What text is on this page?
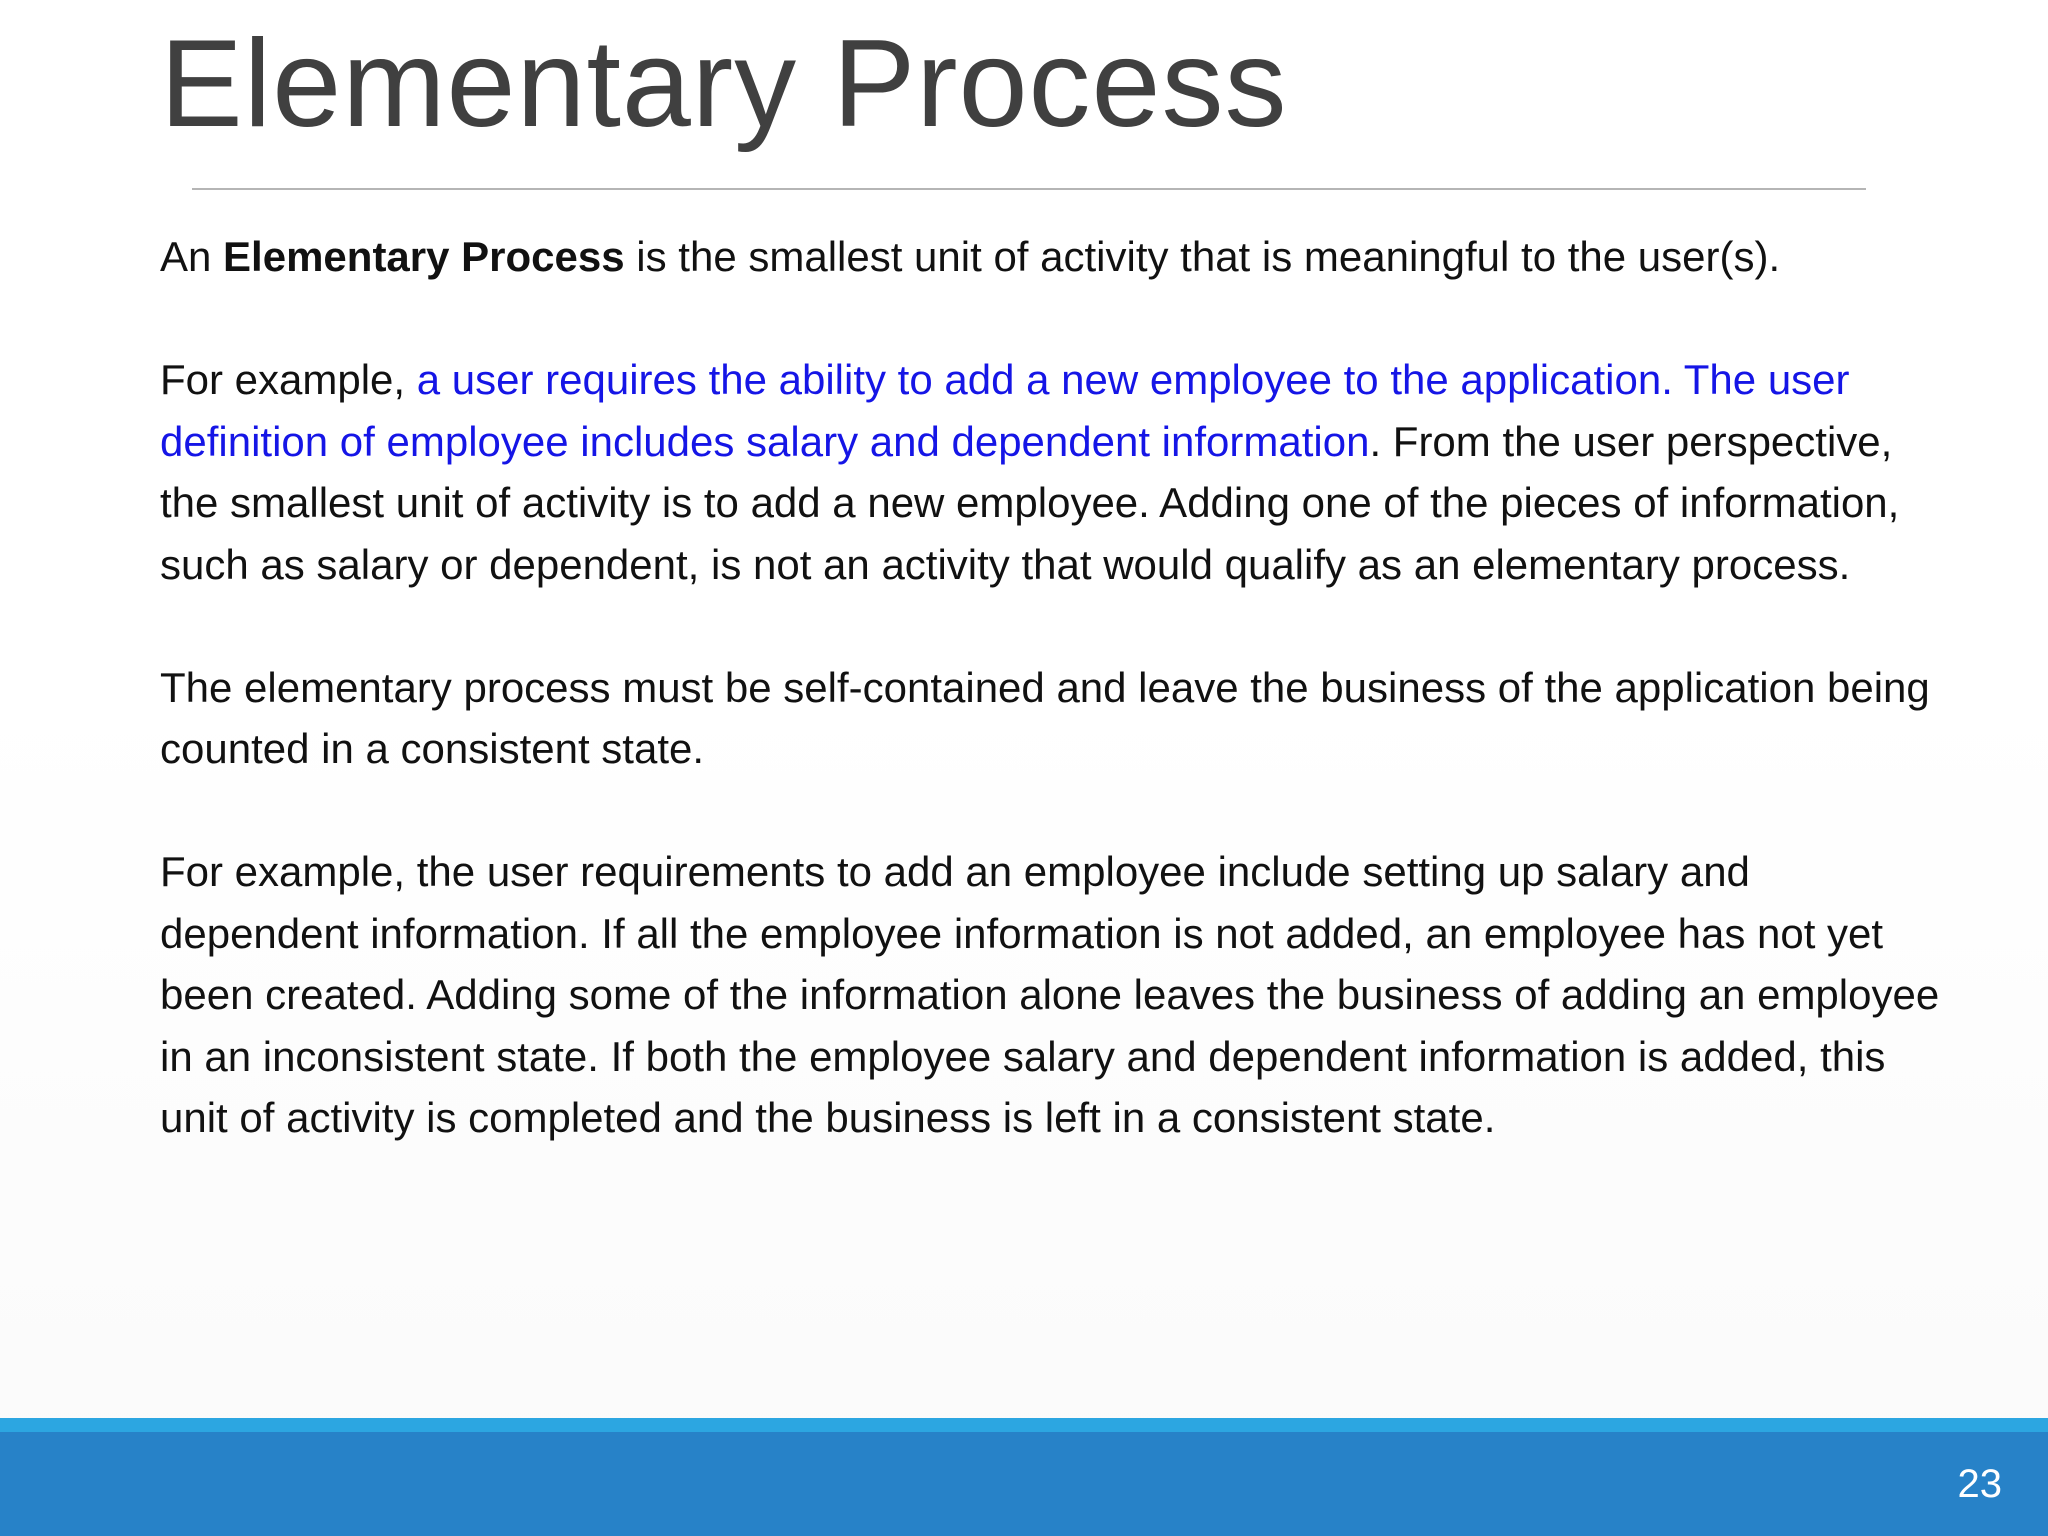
Elementary Process

An Elementary Process is the smallest unit of activity that is meaningful to the user(s).

For example, a user requires the ability to add a new employee to the application. The user definition of employee includes salary and dependent information. From the user perspective, the smallest unit of activity is to add a new employee. Adding one of the pieces of information, such as salary or dependent, is not an activity that would qualify as an elementary process.

The elementary process must be self-contained and leave the business of the application being counted in a consistent state.

For example, the user requirements to add an employee include setting up salary and dependent information. If all the employee information is not added, an employee has not yet been created. Adding some of the information alone leaves the business of adding an employee in an inconsistent state. If both the employee salary and dependent information is added, this unit of activity is completed and the business is left in a consistent state.

23
